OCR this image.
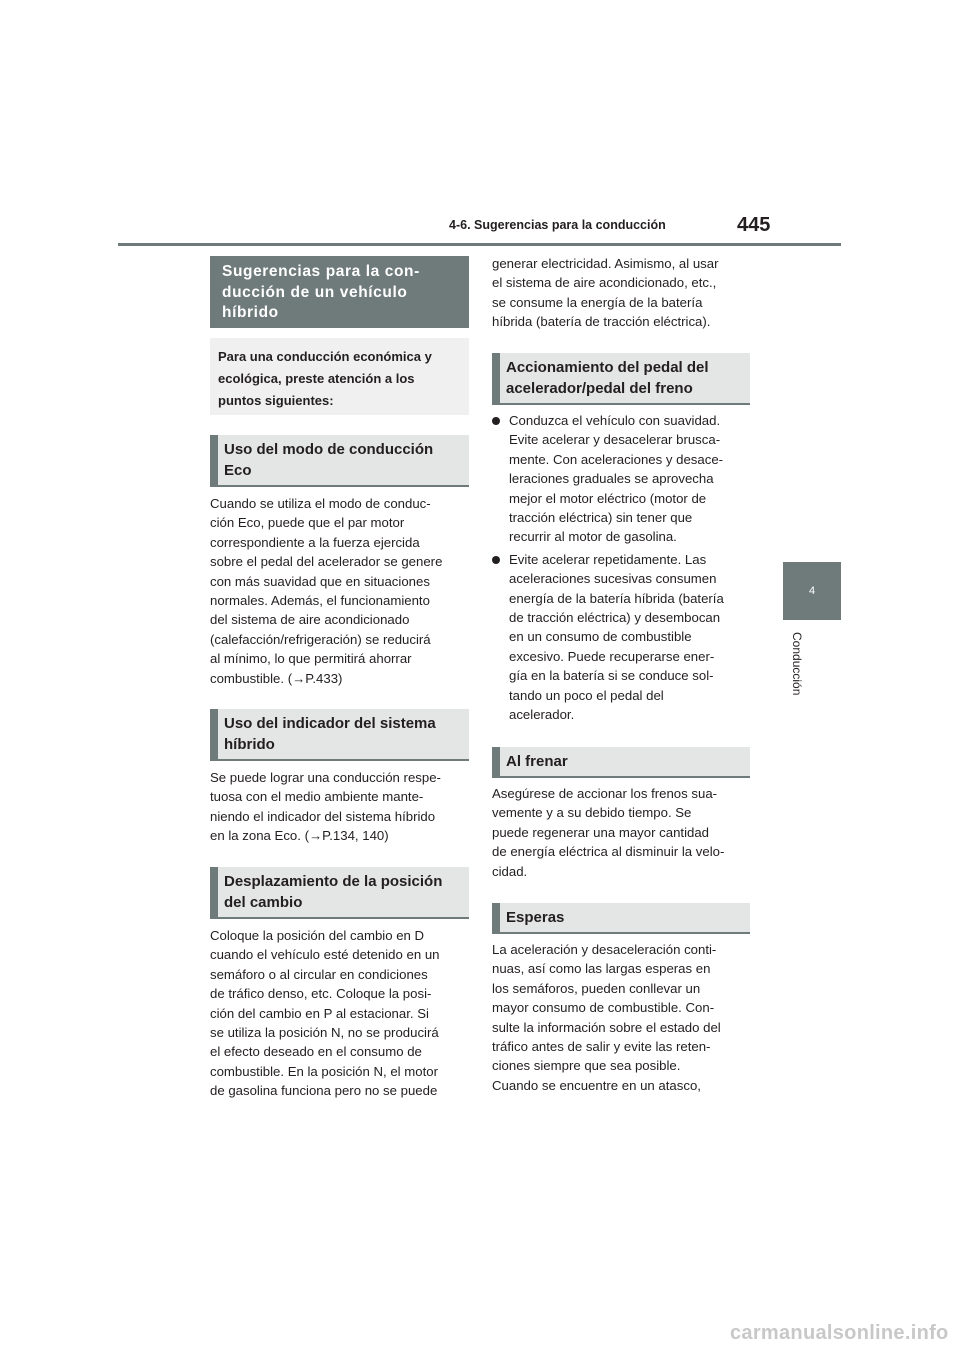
4-6. Sugerencias para la conducción	445
4
Conducción
Sugerencias para la con-
ducción de un vehículo
híbrido
Para una conducción económica y ecológica, preste atención a los puntos siguientes:
Uso del modo de conducción Eco

Cuando se utiliza el modo de conduc-
ción Eco, puede que el par motor
correspondiente a la fuerza ejercida
sobre el pedal del acelerador se genere
con más suavidad que en situaciones
normales. Además, el funcionamiento
del sistema de aire acondicionado
(calefacción/refrigeración) se reducirá
al mínimo, lo que permitirá ahorrar
combustible. (→P.433)

Uso del indicador del sistema híbrido

Se puede lograr una conducción respe-
tuosa con el medio ambiente mante-
niendo el indicador del sistema híbrido
en la zona Eco. (→P.134, 140)

Desplazamiento de la posición del cambio

Coloque la posición del cambio en D
cuando el vehículo esté detenido en un
semáforo o al circular en condiciones
de tráfico denso, etc. Coloque la posi-
ción del cambio en P al estacionar. Si
se utiliza la posición N, no se producirá
el efecto deseado en el consumo de
combustible. En la posición N, el motor
de gasolina funciona pero no se puede

generar electricidad. Asimismo, al usar
el sistema de aire acondicionado, etc.,
se consume la energía de la batería
híbrida (batería de tracción eléctrica).

Accionamiento del pedal del acelerador/pedal del freno
Conduzca el vehículo con suavidad.
Evite acelerar y desacelerar brusca-
mente. Con aceleraciones y desace-
leraciones graduales se aprovecha
mejor el motor eléctrico (motor de
tracción eléctrica) sin tener que
recurrir al motor de gasolina.
Evite acelerar repetidamente. Las
aceleraciones sucesivas consumen
energía de la batería híbrida (batería
de tracción eléctrica) y desembocan
en un consumo de combustible
excesivo. Puede recuperarse ener-
gía en la batería si se conduce sol-
tando un poco el pedal del
acelerador.
Al frenar

Asegúrese de accionar los frenos sua-
vemente y a su debido tiempo. Se
puede regenerar una mayor cantidad
de energía eléctrica al disminuir la velo-
cidad.

Esperas

La aceleración y desaceleración conti-
nuas, así como las largas esperas en
los semáforos, pueden conllevar un
mayor consumo de combustible. Con-
sulte la información sobre el estado del
tráfico antes de salir y evite las reten-
ciones siempre que sea posible.
Cuando se encuentre en un atasco,

carmanualsonline.info
